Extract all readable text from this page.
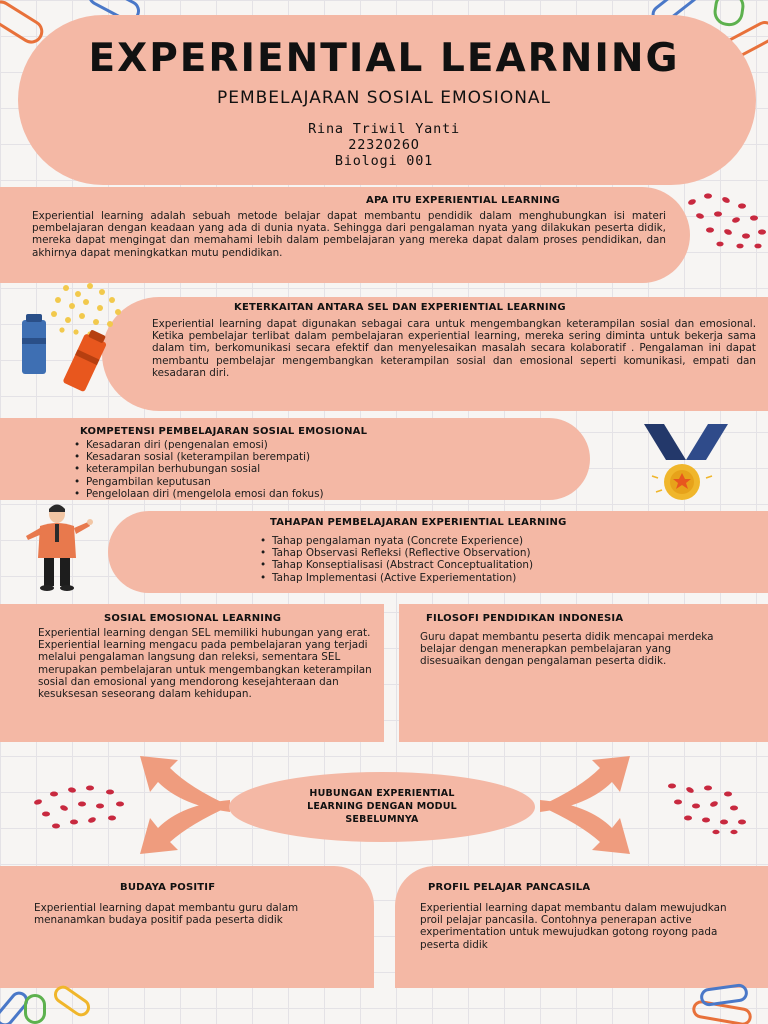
EXPERIENTIAL LEARNING
PEMBELAJARAN SOSIAL EMOSIONAL
Rina Triwil Yanti
2232O26O
Biologi 001
APA ITU EXPERIENTIAL LEARNING
Experiential learning adalah sebuah metode belajar dapat membantu pendidik dalam menghubungkan isi materi pembelajaran dengan keadaan yang ada di dunia nyata. Sehingga dari pengalaman nyata yang dilakukan peserta didik, mereka dapat mengingat dan memahami lebih dalam pembelajaran yang mereka dapat dalam proses pendidikan, dan akhirnya dapat meningkatkan mutu pendidikan.
KETERKAITAN ANTARA SEL DAN EXPERIENTIAL LEARNING
Experiential learning dapat digunakan sebagai cara untuk mengembangkan keterampilan sosial dan emosional. Ketika pembelajar terlibat dalam pembelajaran experiential learning, mereka sering diminta untuk bekerja sama dalam tim, berkomunikasi secara efektif dan menyelesaikan masalah secara kolaboratif . Pengalaman ini dapat membantu pembelajar mengembangkan keterampilan sosial dan emosional seperti komunikasi, empati dan kesadaran diri.
KOMPETENSI PEMBELAJARAN SOSIAL EMOSIONAL
• Kesadaran diri (pengenalan emosi)
• Kesadaran sosial (keterampilan berempati)
• keterampilan berhubungan sosial
• Pengambilan keputusan
• Pengelolaan diri (mengelola emosi dan fokus)
TAHAPAN PEMBELAJARAN EXPERIENTIAL LEARNING
• Tahap pengalaman nyata (Concrete Experience)
• Tahap Observasi Refleksi (Reflective Observation)
• Tahap Konseptialisasi (Abstract Conceptualitation)
• Tahap Implementasi (Active Experiementation)
SOSIAL EMOSIONAL LEARNING
Experiential learning dengan SEL memiliki hubungan yang erat. Experiential learning mengacu pada pembelajaran yang terjadi melalui pengalaman langsung dan releksi, sementara SEL merupakan pembelajaran untuk mengembangkan keterampilan sosial dan emosional yang mendorong kesejahteraan dan kesuksesan seseorang dalam kehidupan.
FILOSOFI PENDIDIKAN INDONESIA
Guru dapat membantu peserta didik mencapai merdeka belajar dengan menerapkan pembelajaran yang disesuaikan dengan pengalaman peserta didik.
HUBUNGAN EXPERIENTIAL
LEARNING DENGAN MODUL
SEBELUMNYA
BUDAYA POSITIF
Experiential learning dapat membantu guru dalam menanamkan budaya positif pada peserta didik
PROFIL PELAJAR PANCASILA
Experiential learning dapat membantu dalam mewujudkan proil pelajar pancasila. Contohnya penerapan active experimentation untuk mewujudkan gotong royong pada peserta didik
